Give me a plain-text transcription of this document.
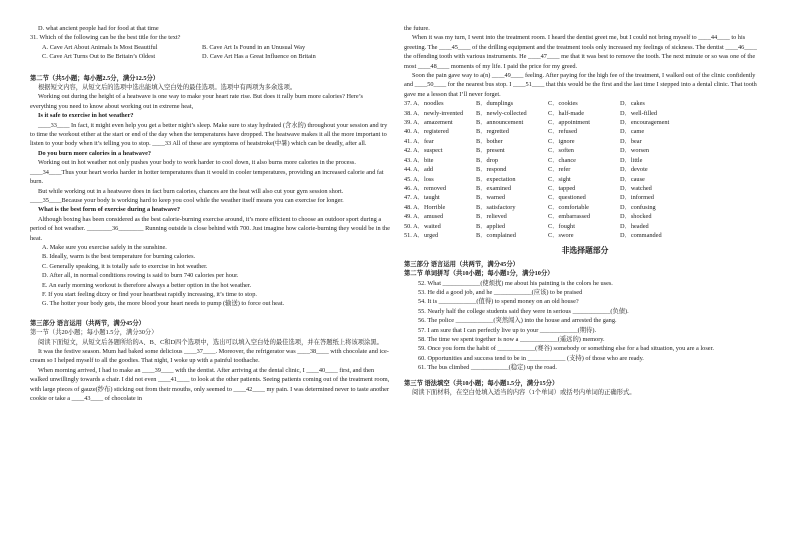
D. what ancient people had for food at that time
31. Which of the following can be the best title for the text?
A. Cave Art About Animals Is Most Beautiful	B. Cave Art Is Found in an Unusual Way
C. Cave Art Turns Out to Be Britain’s Oldest	D. Cave Art Has a Great Influence on Britain
第二节（共5小题；每小题2.5分，满分12.5分）
根据短文内容，从短文后的选项中选出能填入空白处的最佳选项。选项中有两项为多余选项。
Working out during the height of a heatwave is one way to make your heart rate rise. But does it rally burn more calories? Here’s everything you need to know about working out in extreme heat,
Is it safe to exercise in hot weather?
____33____ In fact, it might even help you get a better night’s sleep. Make sure to stay hydrated (含水的) throughout your session and try to time the workout either at the start or end of the day when the temperatures have dropped. The heatwave makes it all the more important to listen to your body when it’s telling you to stop. ____33 All of these are symptoms of heatstroke(中暑) which can be deadly, after all.
Do you burn more calories in a heatwave?
Working out in hot weather not only pushes your body to work harder to cool down, it also burns more calories in the process. ____34____Thus your heart works harder in hotter temperatures than it would in cooler temperatures, providing an increased calorie and fat burn.
But while working out in a heatwave does in fact burn calories, chances are the heat will also cut your gym session short. ____35____Because your body is working hard to keep you cool while the weather itself means you can exercise for longer.
What is the best form of exercise during a heatwave?
Although boxing has been considered as the best calorie-burning exercise around, it’s more efficient to choose an outdoor sport during a period of hot weather. ________36________ Running outside is close behind with 700. Just imagine how calorie-burning they would be in the heat.
A. Make sure you exercise safely in the sunshine.
B. Ideally, warm is the best temperature for burning calories.
C. Generally speaking, it is totally safe to exercise in hot weather.
D. After all, in normal conditions rowing is said to burn 740 calories per hour.
E. An early morning workout is therefore always a better option in the hot weather.
F. If you start feeling dizzy or find your heartbeat rapidly increasing, it’s time to stop.
G. The hotter your body gets, the more blood your heart needs to pump (输送) to force out heat.
第三部分 语言运用（共两节，满分45分）
第一节（共20小题；每小题1.5分，满分30分）
阅读下面短文，从短文后各题所给的A、B、C和D四个选项中，选出可以填入空白处的最佳选项，并在答题纸上将该项涂黑。
It was the festive season. Mum had baked some delicious ____37____. Moreover, the refrigerator was ____38____ with chocolate and ice-cream so I helped myself to all the goodies. That night, I woke up with a painful toothache.
When morning arrived, I had to make an ____39____ with the dentist. After arriving at the dental clinic, I ____40____ first, and then walked unwillingly towards a chair. I did not even ____41____ to look at the other patients. Seeing patients coming out of the treatment room, with large pieces of gauze(纱布) sticking out from their mouths, only seemed to ____42____ my pain. I was determined never to taste another cookie or take a ____43____ of chocolate in
the future.
When it was my turn, I went into the treatment room. I heard the dentist greet me, but I could not bring myself to ____44____ to his greeting. The ____45____ of the drilling equipment and the treatment tools only increased my feelings of sickness. The dentist ____46____ the offending tooth with various instruments. He ____47____ me that it was best to remove the tooth. The next minute or so was one of the most ____48____ moments of my life. I paid the price for my greed.
Soon the pain gave way to a(n) ____49____ feeling. After paying for the high fee of the treatment, I walked out of the clinic confidently and ____50____ for the nearest bus stop. I ____51____ that this would be the first and the last time I stepped into a dental clinic. That tooth gave me a lesson that I’ll never forget.
37. A．noodles	B．dumplings	C．cookies	D．cakes
38. A．newly-invented	B．newly-collected	C．half-made	D．well-filled
39. A．amazement	B．announcement	C．appointment	D．encouragement
40. A．registered	B．regretted	C．refused	D．came
41. A．fear	B．bother	C．ignore	D．bear
42. A．suspect	B．present	C．soften	D．worsen
43. A．bite	B．drop	C．chance	D．little
44. A．add	B．respond	C．refer	D．devote
45. A．loss	B．expectation	C．sight	D．cause
46. A．removed	B．examined	C．tapped	D．watched
47. A．taught	B．warned	C．questioned	D．informed
48. A．Horrible	B．satisfactory	C．comfortable	D．confusing
49. A．amused	B．relieved	C．embarrassed	D．shocked
50. A．waited	B．applied	C．fought	D．headed
51. A．urged	B．complained	C．swore	D．commanded
非选择题部分
第三部分 语言运用（共两节，满分45分）
第二节 单词拼写（共10小题；每小题1分，满分10分）
52. What ____________(使烦扰) me about his painting is the colors he uses.
53. He did a good job, and he ____________(应该) to be praised
54. It is ____________(值得) to spend money on an old house?
55. Nearly half the college students said they were in serious ____________(负债).
56. The police ____________(突然闯入) into the house and arrested the gang.
57. I am sure that I can perfectly live up to your ____________(期待).
58. The time we spent together is now a ____________(遥远的) memory.
59. Once you form the habit of ____________(赛谷) somebody or something else for a bad situation, you are a loser.
60. Opportunities and success tend to be in ____________ (支持) of those who are ready.
61. The bus climbed ____________(稳定) up the road.
第三节 语法填空（共10小题；每小题1.5分，满分15分）
阅读下面材料，在空白处填入适当的内容（1个单词）或括号内单词的正确形式。
